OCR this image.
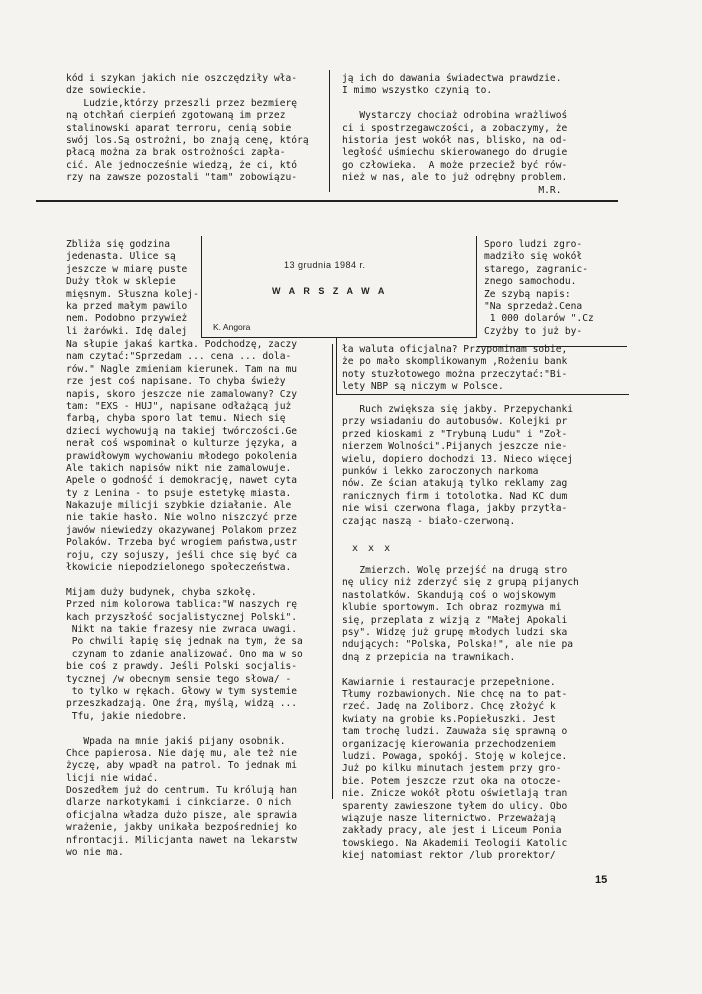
kód i szykan jakich nie oszczędziły wła-
dze sowieckie.
Ludzie,którzy przeszli przez bezmierę
ną otchłań cierpień zgotowaną im przez
stalinowski aparat terroru, cenią sobie
swój los.Są ostrożni, bo znają cenę, którą
płacą można za brak ostrożności zapła-
cić. Ale jednocześnie wiedzą, że ci, któ
rzy na zawsze pozostali "tam" zobowiązu-
ją ich do dawania świadectwa prawdzie.
I mimo wszystko czynią to.
Wystarczy chociaż odrobina wrażliwoś
ci i spostrzegawczości, a zobaczymy, że
historia jest wokół nas, blisko, na od-
ległość uśmiechu skierowanego do drugie
go człowieka.  A może przeciež być rów-
nież w nas, ale to już odrębny problem.
M.R.
Zbliża się godzina
jedenasta. Ulice są
jeszcze w miarę puste
Duży tłok w sklepie
mięsnym. Słuszna kolej-
ka przed małym pawilo
nem. Podobno przywież
li żarówki. Idę dalej
13 grudnia 1984 r.
W A R S Z A W A
K. Angora
Sporo ludzi zgro-
madziło się wokół
starego, zagranic-
znego samochodu.
Ze szybą napis:
"Na sprzedaż.Cena
1 000 dolarów ".Cz
Czyżby to już by-
Na słupie jakaś kartka. Podchodzę, zaczy
nam czytać:"Sprzedam ... cena ... dola-
rów." Nagle zmieniam kierunek. Tam na mu
rze jest coś napisane. To chyba świeży
napis, skoro jeszcze nie zamalowany? Czy
tam: "EXS - HUJ", napisane odłażącą już
farbą, chyba sporo lat temu. Niech się
dzieci wychowują na takiej twórczości.Ge
nerał coś wspominał o kulturze języka, a
prawidłowym wychowaniu młodego pokolenia
Ale takich napisów nikt nie zamalowuje.
Apele o godność i demokrację, nawet cyta
ty z Lenina - to psuje estetykę miasta.
Nakazuje milicji szybkie działanie. Ale
nie takie hasło. Nie wolno niszczyć prze
jawów niewiedzy okazywanej Polakom przez
Polaków. Trzeba być wrogiem państwa,ustr
roju, czy sojuszy, jeśli chce się być ca
łkowicie niepodzielonego społeczeństwa.
Mijam duży budynek, chyba szkołę.
Przed nim kolorowa tablica:"W naszych rę
kach przyszłość socjalistycznej Polski".
Nikt na takie frazesy nie zwraca uwagi.
Po chwili łapię się jednak na tym, że sa
czynam to zdanie analizować. Ono ma w so
bie coś z prawdy. Jeśli Polski socjalis-
tycznej /w obecnym sensie tego słowa/ -
to tylko w rękach. Głowy w tym systemie
przeszkadzają. One źrą, myślą, widzą ...
Tfu, jakie niedobre.
Wpada na mnie jakiś pijany osobnik.
Chce papierosa. Nie daję mu, ale też nie
życzę, aby wpadł na patrol. To jednak mi
licji nie widać.
Doszedłem już do centrum. Tu królują han
dlarze narkotykami i cinkciarze. O nich
oficjalna władza dużo pisze, ale sprawia
wrażenie, jakby unikała bezpośredniej ko
nfrontacji. Milicjanta nawet na lekarstw
wo nie ma.
ła waluta oficjalna? Przypominam sobie,
że po mało skomplikowanym ,Rożeniu bank
noty stuzłotowego można przeczytać:"Bi-
lety NBP są niczym w Polsce.
Ruch zwiększa się jakby. Przepychanki
przy wsiadaniu do autobusów. Kolejki pr
przed kioskami z "Trybuną Ludu" i "Żoł-
nierzem Wolności".Pijanych jeszcze nie-
wielu, dopiero dochodzi 13. Nieco więcej
punków i lekko zaroczonych narkoma
nów. Ze ścian atakują tylko reklamy zag
ranicznych firm i totolotka. Nad KC dum
nie wisi czerwona flaga, jakby przytła-
czając naszą - biało-czerwoną.
Zmierzch. Wolę przejść na drugą stro
nę ulicy niż zderzyć się z grupą pijanych
nastolatków. Skandują coś o wojskowym
klubie sportowym. Ich obraz rozmywa mi
się, przeplata z wizją z "Małej Apokali
psy". Widzę już grupę młodych ludzi ska
ndujących: "Polska, Polska!", ale nie pa
dną z przepicia na trawnikach.
Kawiarnie i restauracje przepełnione.
Tłumy rozbawionych. Nie chcę na to pat-
rzeć. Jadę na Żoliborz. Chcę złożyć k
kwiaty na grobie ks.Popiełuszki. Jest
tam trochę ludzi. Zauważa się sprawną o
organizację kierowania przechodzeniem
ludzi. Powaga, spokój. Stoję w kolejce.
Już po kilku minutach jestem przy gro-
bie. Potem jeszcze rzut oka na otocze-
nie. Znicze wokół płotu oświetlają tran
sparenty zawieszone tyłem do ulicy. Obo
wiązuje nasze liternictwo. Przeważają
zakłady pracy, ale jest i Liceum Ponia
towskiego. Na Akademii Teologii Katolic
kiej natomiast rektor /lub prorektor/
x x x
15
